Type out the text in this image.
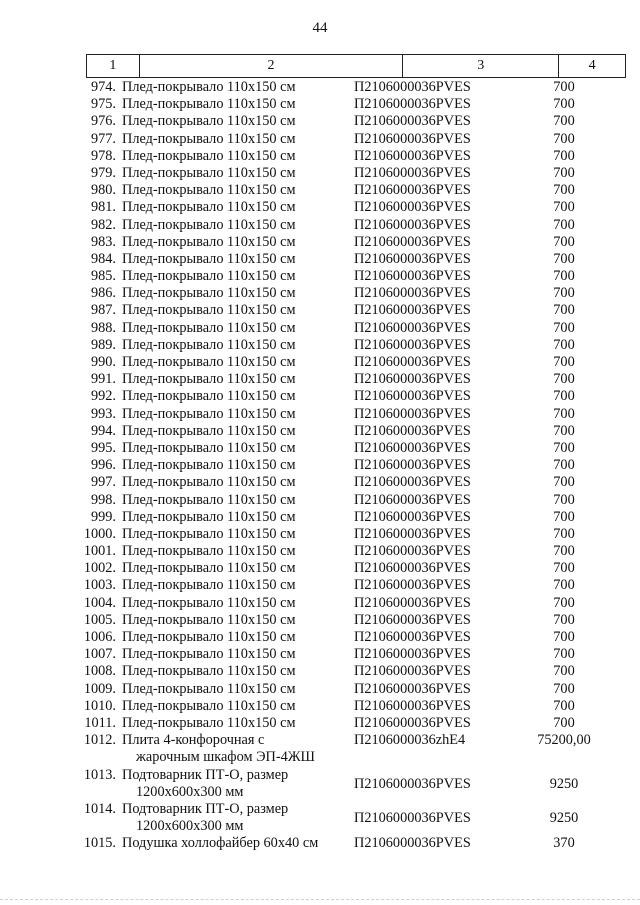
44
1	2	3	4
974. Плед-покрывало 110х150 см	П2106000036PVES	700
975. Плед-покрывало 110х150 см	П2106000036PVES	700
976. Плед-покрывало 110х150 см	П2106000036PVES	700
977. Плед-покрывало 110х150 см	П2106000036PVES	700
978. Плед-покрывало 110х150 см	П2106000036PVES	700
979. Плед-покрывало 110х150 см	П2106000036PVES	700
980. Плед-покрывало 110х150 см	П2106000036PVES	700
981. Плед-покрывало 110х150 см	П2106000036PVES	700
982. Плед-покрывало 110х150 см	П2106000036PVES	700
983. Плед-покрывало 110х150 см	П2106000036PVES	700
984. Плед-покрывало 110х150 см	П2106000036PVES	700
985. Плед-покрывало 110х150 см	П2106000036PVES	700
986. Плед-покрывало 110х150 см	П2106000036PVES	700
987. Плед-покрывало 110х150 см	П2106000036PVES	700
988. Плед-покрывало 110х150 см	П2106000036PVES	700
989. Плед-покрывало 110х150 см	П2106000036PVES	700
990. Плед-покрывало 110х150 см	П2106000036PVES	700
991. Плед-покрывало 110х150 см	П2106000036PVES	700
992. Плед-покрывало 110х150 см	П2106000036PVES	700
993. Плед-покрывало 110х150 см	П2106000036PVES	700
994. Плед-покрывало 110х150 см	П2106000036PVES	700
995. Плед-покрывало 110х150 см	П2106000036PVES	700
996. Плед-покрывало 110х150 см	П2106000036PVES	700
997. Плед-покрывало 110х150 см	П2106000036PVES	700
998. Плед-покрывало 110х150 см	П2106000036PVES	700
999. Плед-покрывало 110х150 см	П2106000036PVES	700
1000. Плед-покрывало 110х150 см	П2106000036PVES	700
1001. Плед-покрывало 110х150 см	П2106000036PVES	700
1002. Плед-покрывало 110х150 см	П2106000036PVES	700
1003. Плед-покрывало 110х150 см	П2106000036PVES	700
1004. Плед-покрывало 110х150 см	П2106000036PVES	700
1005. Плед-покрывало 110х150 см	П2106000036PVES	700
1006. Плед-покрывало 110х150 см	П2106000036PVES	700
1007. Плед-покрывало 110х150 см	П2106000036PVES	700
1008. Плед-покрывало 110х150 см	П2106000036PVES	700
1009. Плед-покрывало 110х150 см	П2106000036PVES	700
1010. Плед-покрывало 110х150 см	П2106000036PVES	700
1011. Плед-покрывало 110х150 см	П2106000036PVES	700
1012. Плита 4-конфорочная с
жарочным шкафом ЭП-4ЖШ
П2106000036zhE4	75200,00
1013. Подтоварник ПТ-О, размер
1200х600х300 мм
П2106000036PVES	9250
1014. Подтоварник ПТ-О, размер
1200х600х300 мм
П2106000036PVES	9250
1015. Подушка холлофайбер 60х40 см	П2106000036PVES	370
